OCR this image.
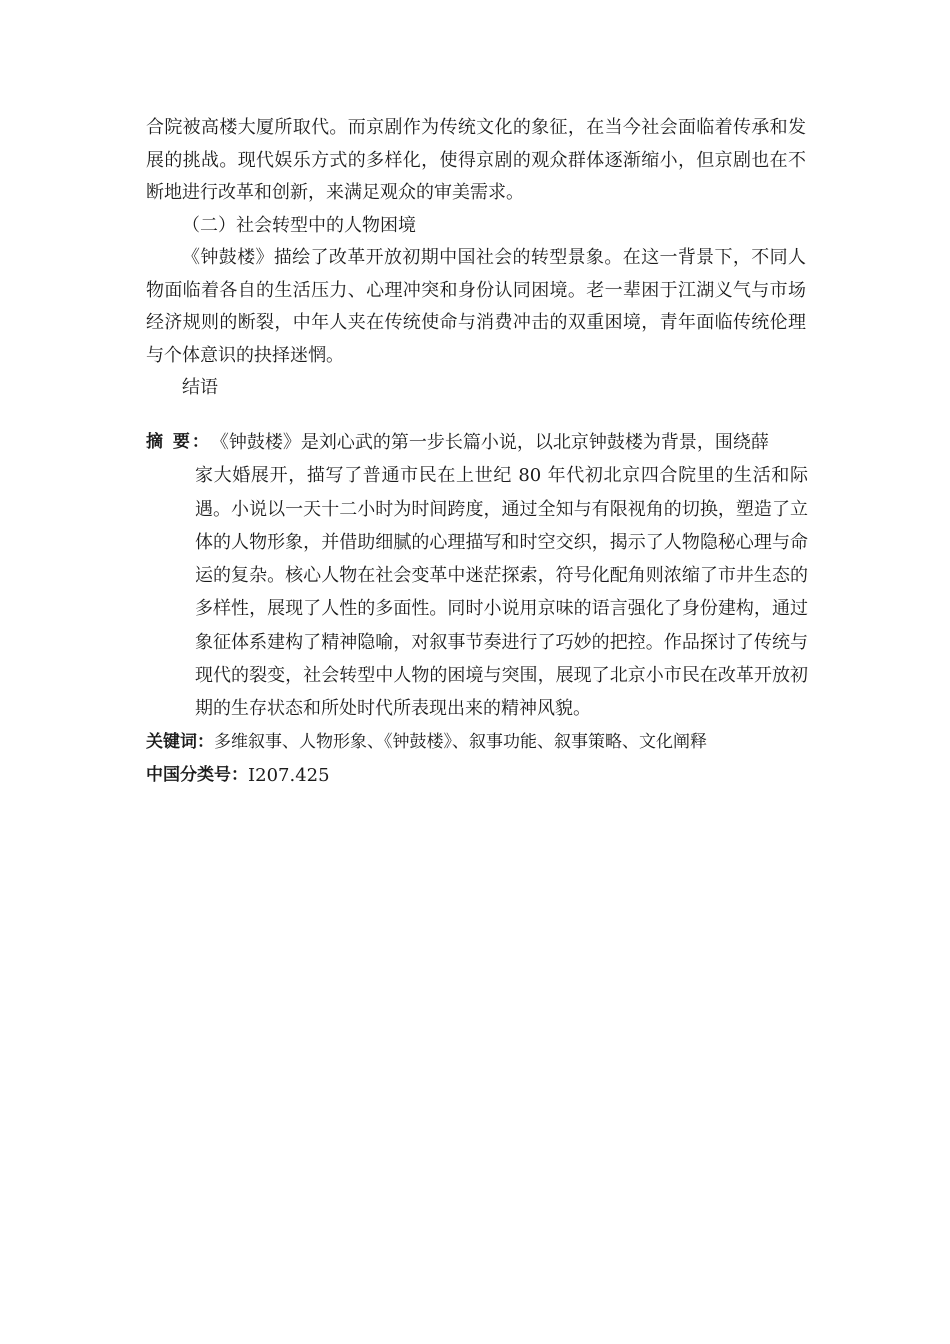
合院被高楼大厦所取代。而京剧作为传统文化的象征，在当今社会面临着传承和发展的挑战。现代娱乐方式的多样化，使得京剧的观众群体逐渐缩小，但京剧也在不断地进行改革和创新，来满足观众的审美需求。

（二）社会转型中的人物困境

《钟鼓楼》描绘了改革开放初期中国社会的转型景象。在这一背景下，不同人物面临着各自的生活压力、心理冲突和身份认同困境。老一辈困于江湖义气与市场经济规则的断裂，中年人夹在传统使命与消费冲击的双重困境，青年面临传统伦理与个体意识的抉择迷惘。

结语

摘 要： 《钟鼓楼》是刘心武的第一步长篇小说，以北京钟鼓楼为背景，围绕薛
家大婚展开，描写了普通市民在上世纪 80 年代初北京四合院里的生活和际遇。小说以一天十二小时为时间跨度，通过全知与有限视角的切换，塑造了立体的人物形象，并借助细腻的心理描写和时空交织，揭示了人物隐秘心理与命运的复杂。核心人物在社会变革中迷茫探索，符号化配角则浓缩了市井生态的多样性，展现了人性的多面性。同时小说用京味的语言强化了身份建构，通过象征体系建构了精神隐喻，对叙事节奏进行了巧妙的把控。作品探讨了传统与现代的裂变，社会转型中人物的困境与突围，展现了北京小市民在改革开放初期的生存状态和所处时代所表现出来的精神风貌。
关键词： 多维叙事、人物形象、《钟鼓楼》、叙事功能、叙事策略、文化阐释
中国分类号： I207.425
